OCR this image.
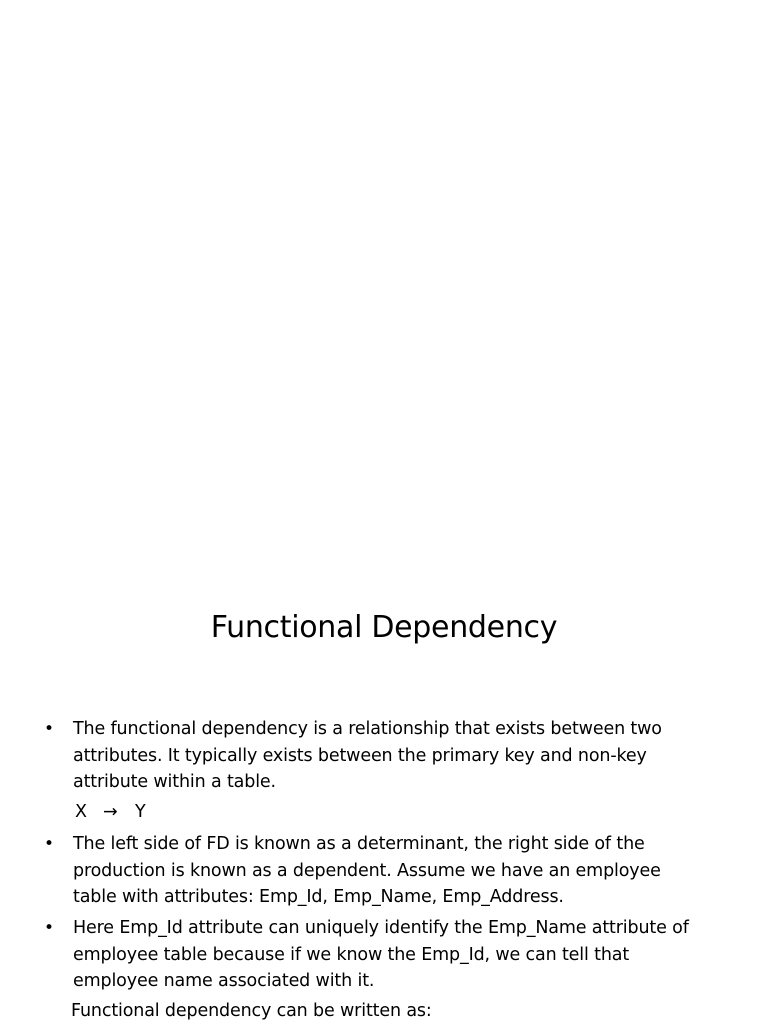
Functional Dependency
• The functional dependency is a relationship that exists between two
attributes. It typically exists between the primary key and non-key
attribute within a table.
X → Y
• The left side of FD is known as a determinant, the right side of the
production is known as a dependent. Assume we have an employee
table with attributes: Emp_Id, Emp_Name, Emp_Address.
• Here Emp_Id attribute can uniquely identify the Emp_Name attribute of
employee table because if we know the Emp_Id, we can tell that
employee name associated with it.
Functional dependency can be written as:
